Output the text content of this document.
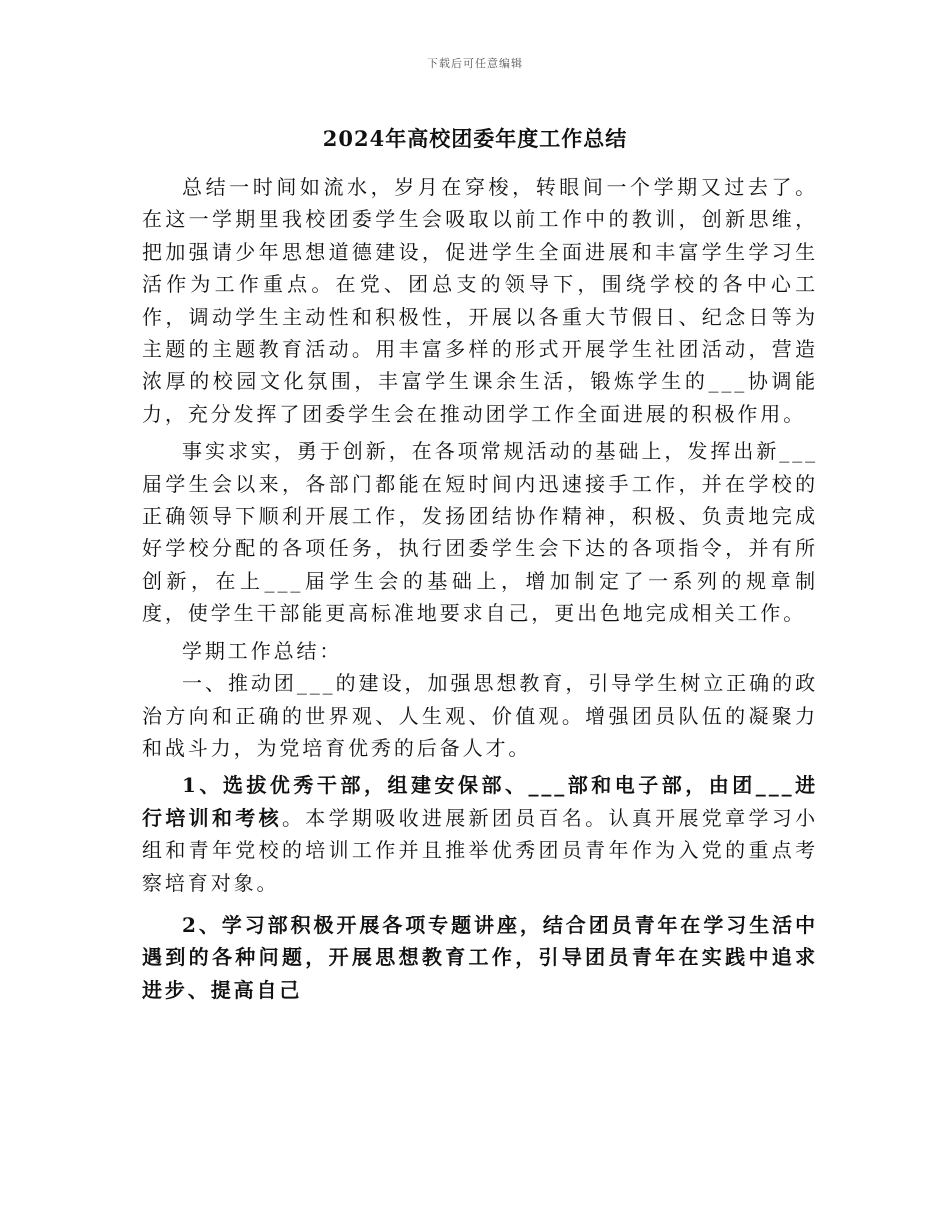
下载后可任意编辑
2024年高校团委年度工作总结

总结一时间如流水，岁月在穿梭，转眼间一个学期又过去了。在这一学期里我校团委学生会吸取以前工作中的教训，创新思维，把加强请少年思想道德建设，促进学生全面进展和丰富学生学习生活作为工作重点。在党、团总支的领导下，围绕学校的各中心工作，调动学生主动性和积极性，开展以各重大节假日、纪念日等为主题的主题教育活动。用丰富多样的形式开展学生社团活动，营造浓厚的校园文化氛围，丰富学生课余生活，锻炼学生的___协调能力，充分发挥了团委学生会在推动团学工作全面进展的积极作用。

事实求实，勇于创新，在各项常规活动的基础上，发挥出新___届学生会以来，各部门都能在短时间内迅速接手工作，并在学校的正确领导下顺利开展工作，发扬团结协作精神，积极、负责地完成好学校分配的各项任务，执行团委学生会下达的各项指令，并有所创新，在上___届学生会的基础上，增加制定了一系列的规章制度，使学生干部能更高标准地要求自己，更出色地完成相关工作。

学期工作总结：

一、推动团___的建设，加强思想教育，引导学生树立正确的政治方向和正确的世界观、人生观、价值观。增强团员队伍的凝聚力和战斗力，为党培育优秀的后备人才。

1、选拔优秀干部，组建安保部、___部和电子部，由团___进行培训和考核。本学期吸收进展新团员百名。认真开展党章学习小组和青年党校的培训工作并且推举优秀团员青年作为入党的重点考察培育对象。

2、学习部积极开展各项专题讲座，结合团员青年在学习生活中遇到的各种问题，开展思想教育工作，引导团员青年在实践中追求进步、提高自己
